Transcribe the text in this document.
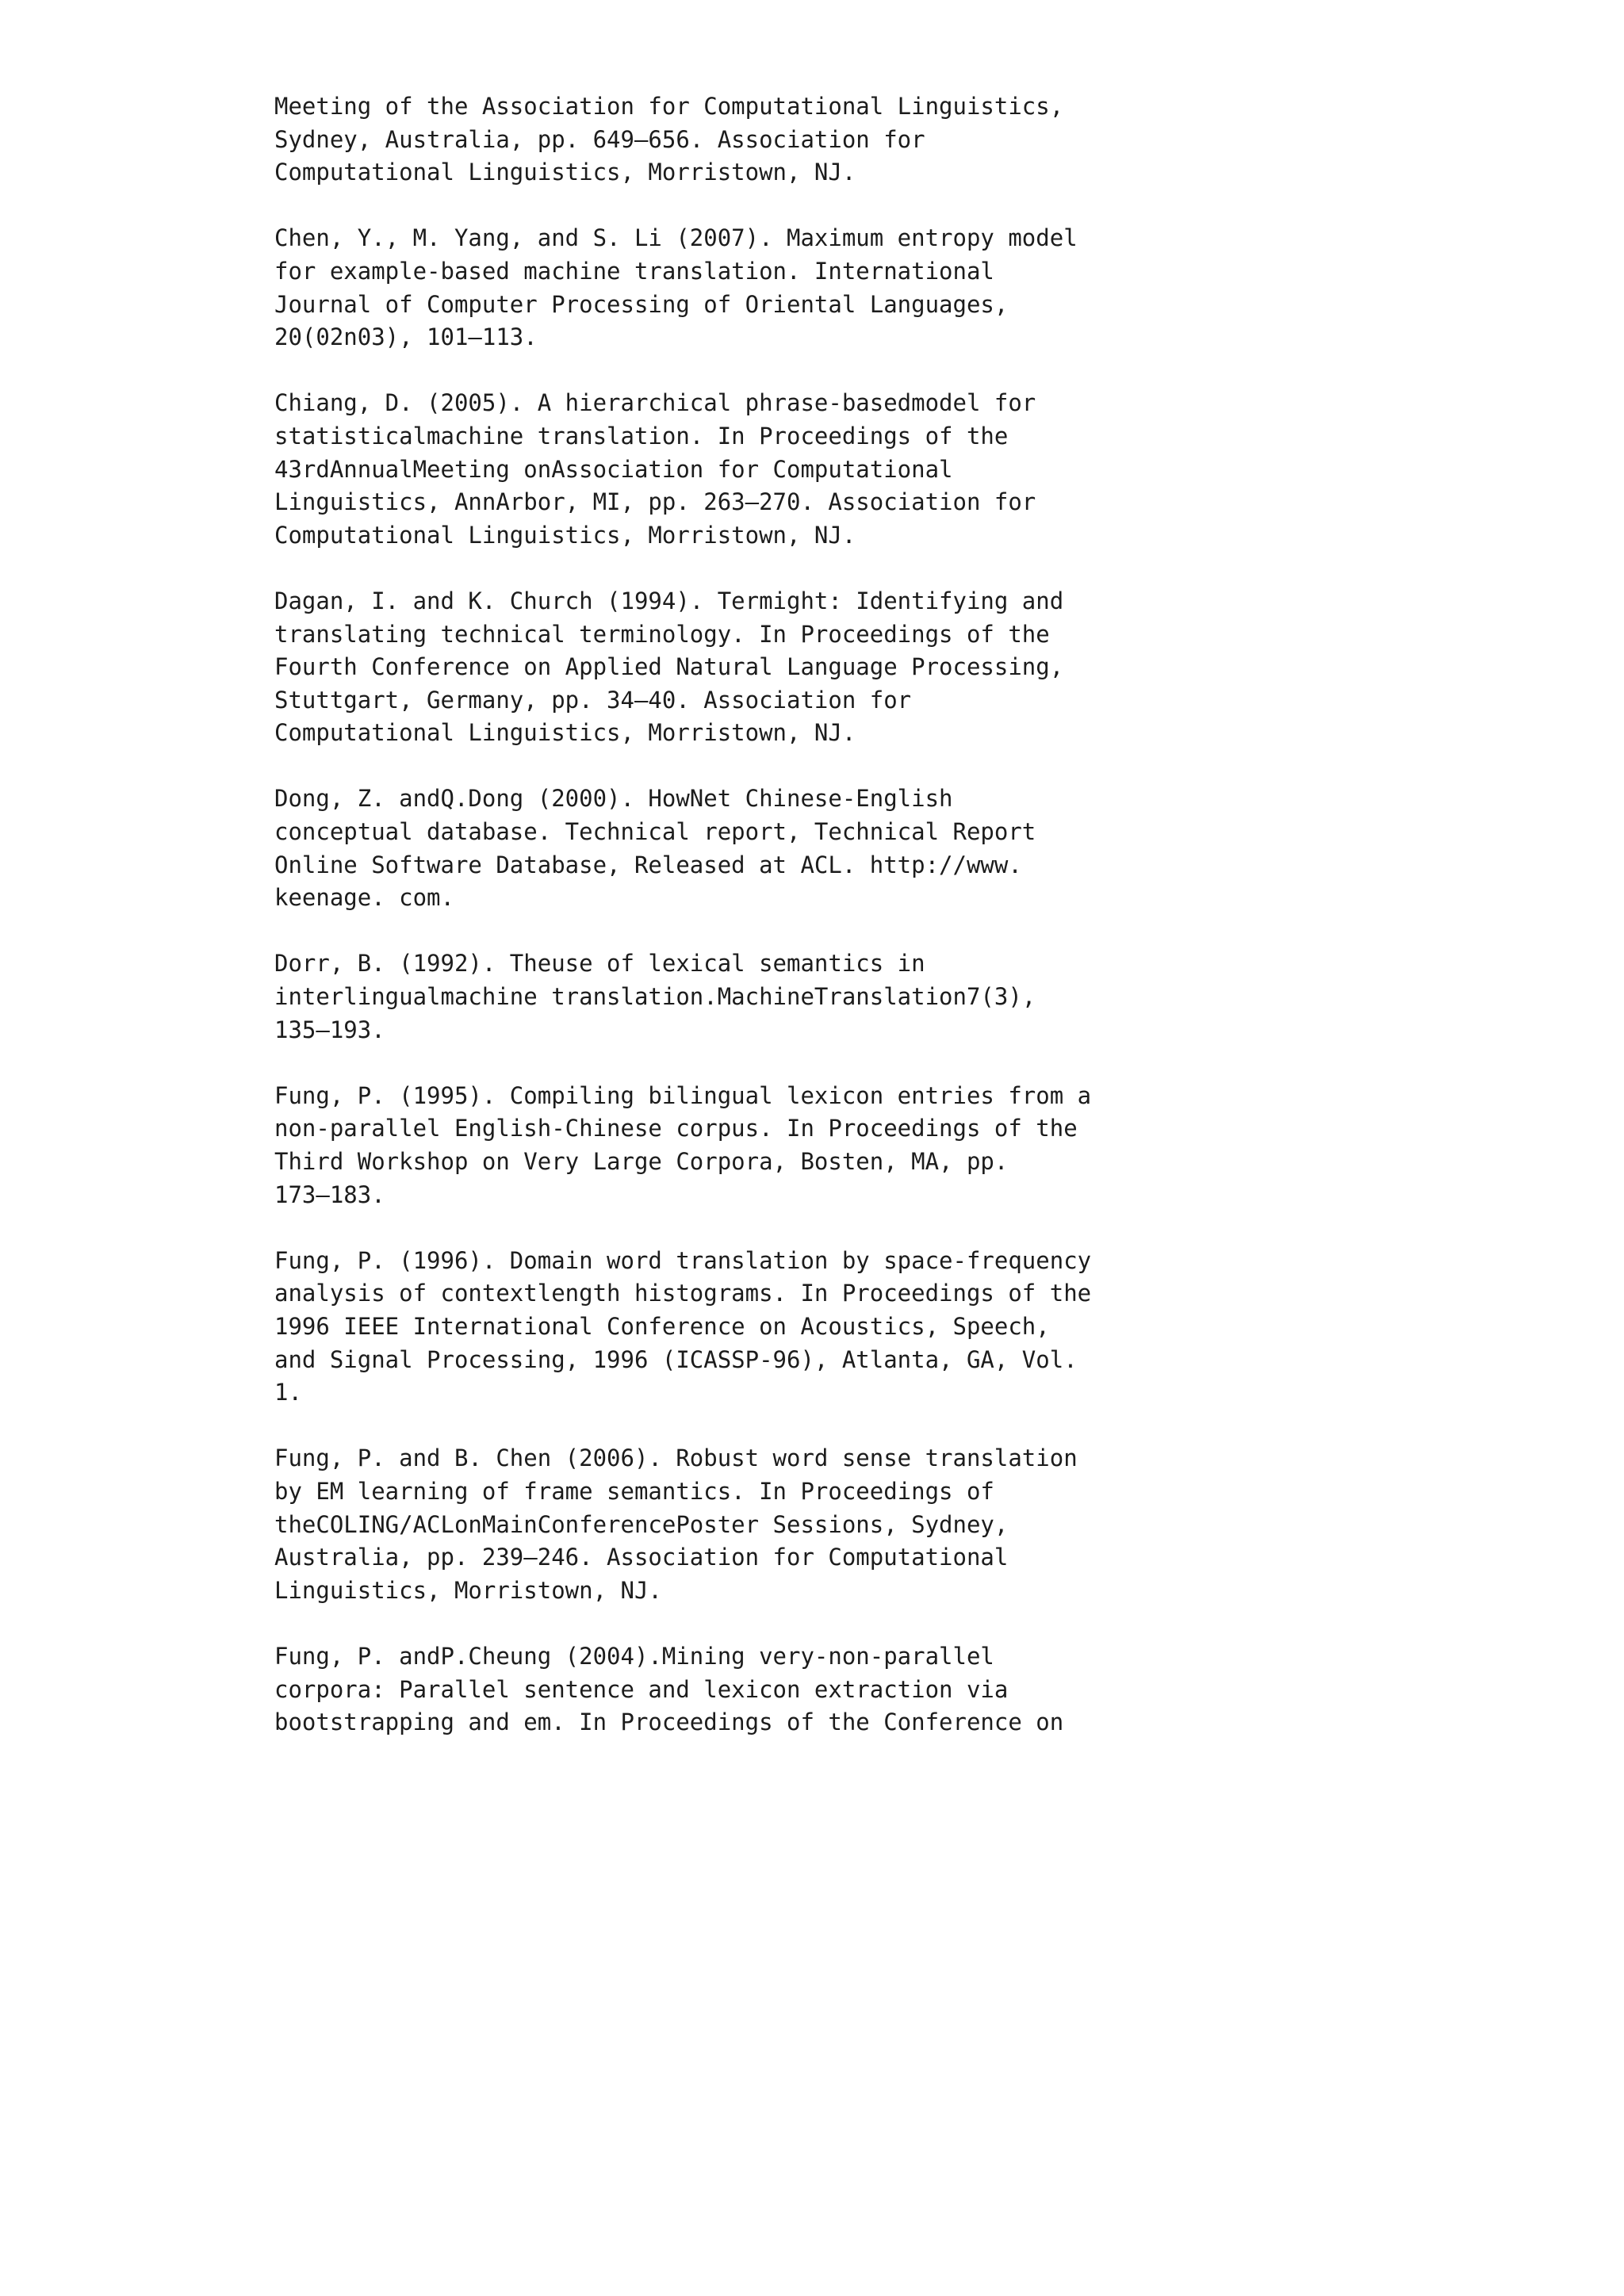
Meeting of the Association for Computational Linguistics,
Sydney, Australia, pp. 649–656. Association for
Computational Linguistics, Morristown, NJ.
Chen, Y., M. Yang, and S. Li (2007). Maximum entropy model
for example-based machine translation. International
Journal of Computer Processing of Oriental Languages,
20(02n03), 101–113.
Chiang, D. (2005). A hierarchical phrase-basedmodel for
statisticalmachine translation. In Proceedings of the
43rdAnnualMeeting onAssociation for Computational
Linguistics, AnnArbor, MI, pp. 263–270. Association for
Computational Linguistics, Morristown, NJ.
Dagan, I. and K. Church (1994). Termight: Identifying and
translating technical terminology. In Proceedings of the
Fourth Conference on Applied Natural Language Processing,
Stuttgart, Germany, pp. 34–40. Association for
Computational Linguistics, Morristown, NJ.
Dong, Z. andQ.Dong (2000). HowNet Chinese-English
conceptual database. Technical report, Technical Report
Online Software Database, Released at ACL. http://www.
keenage. com.
Dorr, B. (1992). Theuse of lexical semantics in
interlingualmachine translation.MachineTranslation7(3),
135–193.
Fung, P. (1995). Compiling bilingual lexicon entries from a
non-parallel English-Chinese corpus. In Proceedings of the
Third Workshop on Very Large Corpora, Bosten, MA, pp.
173–183.
Fung, P. (1996). Domain word translation by space-frequency
analysis of contextlength histograms. In Proceedings of the
1996 IEEE International Conference on Acoustics, Speech,
and Signal Processing, 1996 (ICASSP-96), Atlanta, GA, Vol.
1.
Fung, P. and B. Chen (2006). Robust word sense translation
by EM learning of frame semantics. In Proceedings of
theCOLING/ACLonMainConferencePoster Sessions, Sydney,
Australia, pp. 239–246. Association for Computational
Linguistics, Morristown, NJ.
Fung, P. andP.Cheung (2004).Mining very-non-parallel
corpora: Parallel sentence and lexicon extraction via
bootstrapping and em. In Proceedings of the Conference on
